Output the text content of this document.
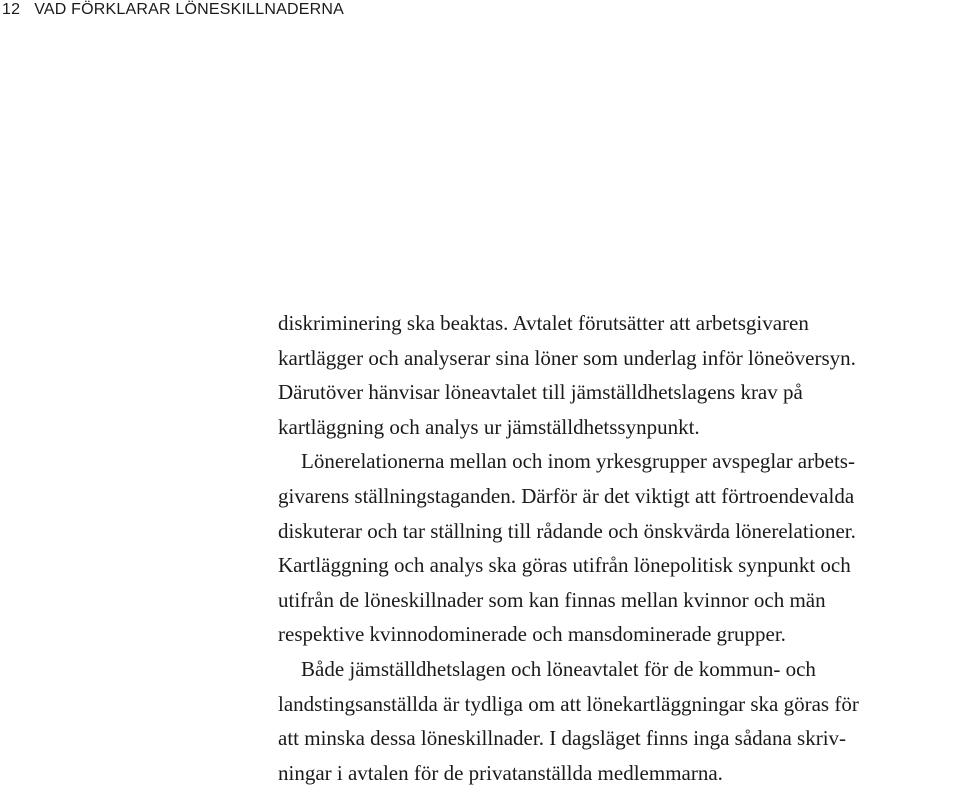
12 VAD FÖRKLARAR LÖNESKILLNADERNA
diskriminering ska beaktas. Avtalet förutsätter att arbetsgivaren
kartlägger och analyserar sina löner som underlag inför löneöversyn.
Därutöver hänvisar löneavtalet till jämställdhetslagens krav på
kartläggning och analys ur jämställdhetssynpunkt.
Lönerelationerna mellan och inom yrkesgrupper avspeglar arbets-
givarens ställningstaganden. Därför är det viktigt att förtroendevalda
diskuterar och tar ställning till rådande och önskvärda lönerelationer.
Kartläggning och analys ska göras utifrån lönepolitisk synpunkt och
utifrån de löneskillnader som kan finnas mellan kvinnor och män
respektive kvinnodominerade och mansdominerade grupper.
Både jämställdhetslagen och löneavtalet för de kommun- och
landstingsanställda är tydliga om att lönekartläggningar ska göras för
att minska dessa löneskillnader. I dagsläget finns inga sådana skriv-
ningar i avtalen för de privatanställda medlemmarna.
